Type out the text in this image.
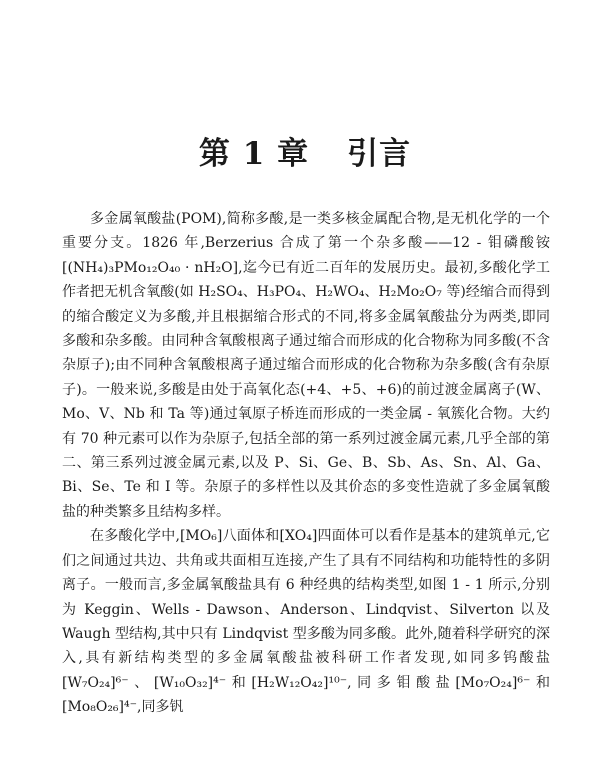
第 1 章 引言

多金属氧酸盐(POM),简称多酸,是一类多核金属配合物,是无机化学的一个重要分支。1826 年,Berzerius 合成了第一个杂多酸——12 - 钼磷酸铵[(NH₄)₃PMo₁₂O₄₀ · nH₂O],迄今已有近二百年的发展历史。最初,多酸化学工作者把无机含氧酸(如 H₂SO₄、H₃PO₄、H₂WO₄、H₂Mo₂O₇ 等)经缩合而得到的缩合酸定义为多酸,并且根据缩合形式的不同,将多金属氧酸盐分为两类,即同多酸和杂多酸。由同种含氧酸根离子通过缩合而形成的化合物称为同多酸(不含杂原子);由不同种含氧酸根离子通过缩合而形成的化合物称为杂多酸(含有杂原子)。一般来说,多酸是由处于高氧化态(+4、+5、+6)的前过渡金属离子(W、Mo、V、Nb 和 Ta 等)通过氧原子桥连而形成的一类金属 - 氧簇化合物。大约有 70 种元素可以作为杂原子,包括全部的第一系列过渡金属元素,几乎全部的第二、第三系列过渡金属元素,以及 P、Si、Ge、B、Sb、As、Sn、Al、Ga、Bi、Se、Te 和 I 等。杂原子的多样性以及其价态的多变性造就了多金属氧酸盐的种类繁多且结构多样。

在多酸化学中,[MO₆]八面体和[XO₄]四面体可以看作是基本的建筑单元,它们之间通过共边、共角或共面相互连接,产生了具有不同结构和功能特性的多阴离子。一般而言,多金属氧酸盐具有 6 种经典的结构类型,如图 1 - 1 所示,分别为 Keggin、Wells - Dawson、Anderson、Lindqvist、Silverton 以及 Waugh 型结构,其中只有 Lindqvist 型多酸为同多酸。此外,随着科学研究的深入,具有新结构类型的多金属氧酸盐被科研工作者发现,如同多钨酸盐[W₇O₂₄]⁶⁻、[W₁₀O₃₂]⁴⁻和[H₂W₁₂O₄₂]¹⁰⁻,同多钼酸盐[Mo₇O₂₄]⁶⁻和[Mo₈O₂₆]⁴⁻,同多钒
